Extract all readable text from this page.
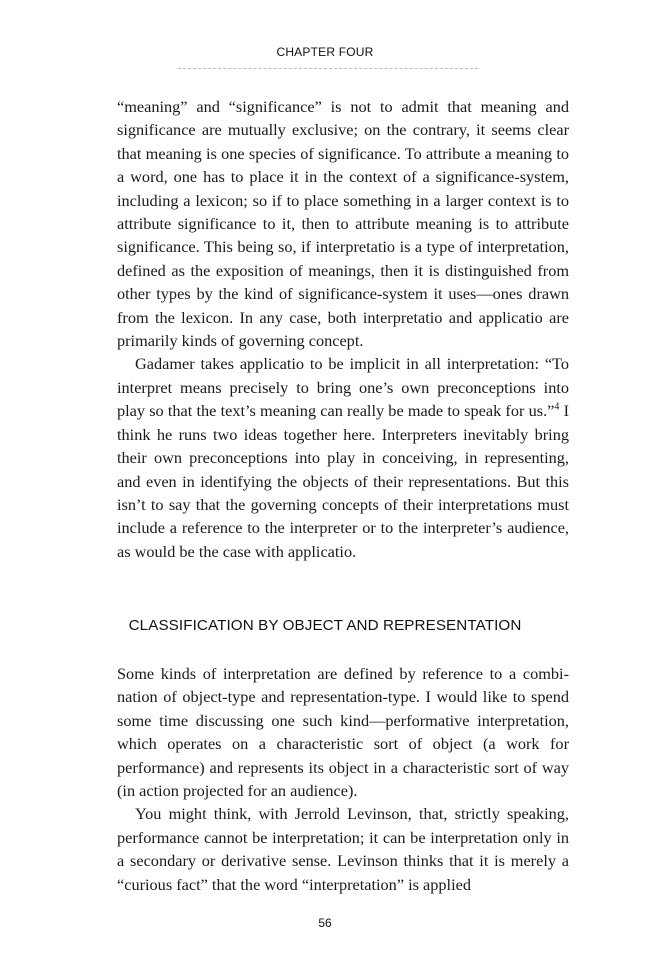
CHAPTER FOUR

“meaning” and “significance” is not to admit that meaning and significance are mutually exclusive; on the contrary, it seems clear that meaning is one species of significance. To attribute a meaning to a word, one has to place it in the context of a significance-system, including a lexicon; so if to place something in a larger context is to attribute significance to it, then to attribute meaning is to attribute significance. This being so, if interpretatio is a type of interpretation, defined as the exposition of meanings, then it is distinguished from other types by the kind of significance-system it uses—ones drawn from the lexicon. In any case, both interpretatio and applicatio are primarily kinds of governing concept.

Gadamer takes applicatio to be implicit in all interpretation: “To interpret means precisely to bring one’s own preconceptions into play so that the text’s meaning can really be made to speak for us.”$^4$ I think he runs two ideas together here. Interpreters inevitably bring their own preconceptions into play in conceiving, in representing, and even in identifying the objects of their representations. But this isn’t to say that the governing concepts of their interpretations must include a reference to the interpreter or to the interpreter’s audience, as would be the case with applicatio.

CLASSIFICATION BY OBJECT AND REPRESENTATION

Some kinds of interpretation are defined by reference to a combination of object-type and representation-type. I would like to spend some time discussing one such kind—performative interpretation, which operates on a characteristic sort of object (a work for performance) and represents its object in a characteristic sort of way (in action projected for an audience).

You might think, with Jerrold Levinson, that, strictly speaking, performance cannot be interpretation; it can be interpretation only in a secondary or derivative sense. Levinson thinks that it is merely a “curious fact” that the word “interpretation” is applied

56
